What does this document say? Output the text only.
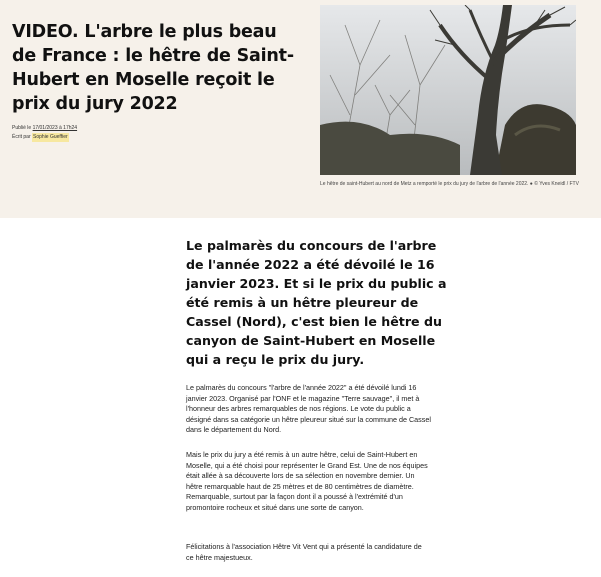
VIDEO. L'arbre le plus beau de France : le hêtre de Saint-Hubert en Moselle reçoit le prix du jury 2022
Publié le 17/01/2023 à 17h24
Écrit par Sophie Gueffier

Le hêtre de saint-Hubert au nord de Metz a remporté le prix du jury de l'arbre de l'année 2022. ● © Yves Kneidl / FTV

Le palmarès du concours de l'arbre de l'année 2022 a été dévoilé le 16 janvier 2023. Et si le prix du public a été remis à un hêtre pleureur de Cassel (Nord), c'est bien le hêtre du canyon de Saint-Hubert en Moselle qui a reçu le prix du jury.

Le palmarès du concours "l'arbre de l'année 2022" a été dévoilé lundi 16 janvier 2023. Organisé par l'ONF et le magazine "Terre sauvage", il met à l'honneur des arbres remarquables de nos régions. Le vote du public a désigné dans sa catégorie un hêtre pleureur situé sur la commune de Cassel dans le département du Nord.

Mais le prix du jury a été remis à un autre hêtre, celui de Saint-Hubert en Moselle, qui a été choisi pour représenter le Grand Est. Une de nos équipes était allée à sa découverte lors de sa sélection en novembre dernier. Un hêtre remarquable haut de 25 mètres et de 80 centimètres de diamètre. Remarquable, surtout par la façon dont il a poussé à l'extrémité d'un promontoire rocheux et situé dans une sorte de canyon.

Félicitations à l'association Hêtre Vit Vent qui a présenté la candidature de ce hêtre majestueux.
